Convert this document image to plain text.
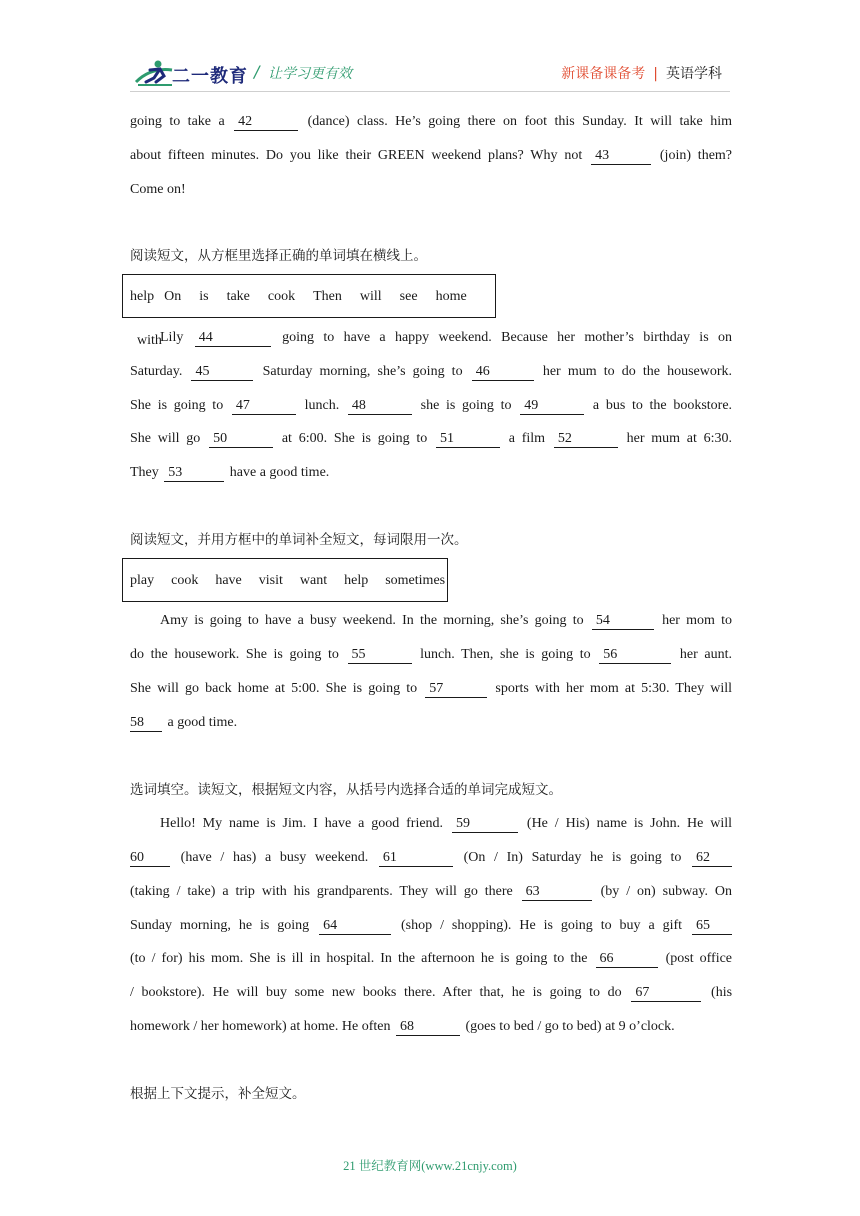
二一教育 / 让学习更有效	新课备课备考 | 英语学科
going to take a 42	(dance) class. He’s going there on foot this Sunday. It will take him
about fifteen minutes. Do you like their GREEN weekend plans? Why not 43	(join) them?
Come on!
阅读短文，从方框里选择正确的单词填在横线上。
help On is take cook Then will see home with
Lily 44	going to have a happy weekend. Because her mother’s birthday is on
Saturday. 45	Saturday morning, she’s going to 46	her mum to do the housework.
She is going to 47	lunch. 48	she is going to 49	a bus to the bookstore.
She will go 50	at 6:00. She is going to 51	a film 52	her mum at 6:30.
They 53	have a good time.
阅读短文，并用方框中的单词补全短文，每词限用一次。
play cook have visit want help sometimes
Amy is going to have a busy weekend. In the morning, she’s going to 54	her mom to
do the housework. She is going to 55	lunch. Then, she is going to 56	her aunt.
She will go back home at 5:00. She is going to 57	sports with her mom at 5:30. They will
58 a good time.
选词填空。读短文，根据短文内容，从括号内选择合适的单词完成短文。
Hello! My name is Jim. I have a good friend. 59	(He / His) name is John. He will
60	(have / has) a busy weekend. 61	(On / In) Saturday he is going to 62
(taking / take) a trip with his grandparents. They will go there 63	(by / on) subway. On
Sunday morning, he is going 64	(shop / shopping). He is going to buy a gift 65
(to / for) his mom. She is ill in hospital. In the afternoon he is going to the 66	(post office
/ bookstore). He will buy some new books there. After that, he is going to do 67	(his
homework / her homework) at home. He often 68	(goes to bed / go to bed) at 9 o’clock.
根据上下文提示，补全短文。
21 世纪教育网(www.21cnjy.com)
